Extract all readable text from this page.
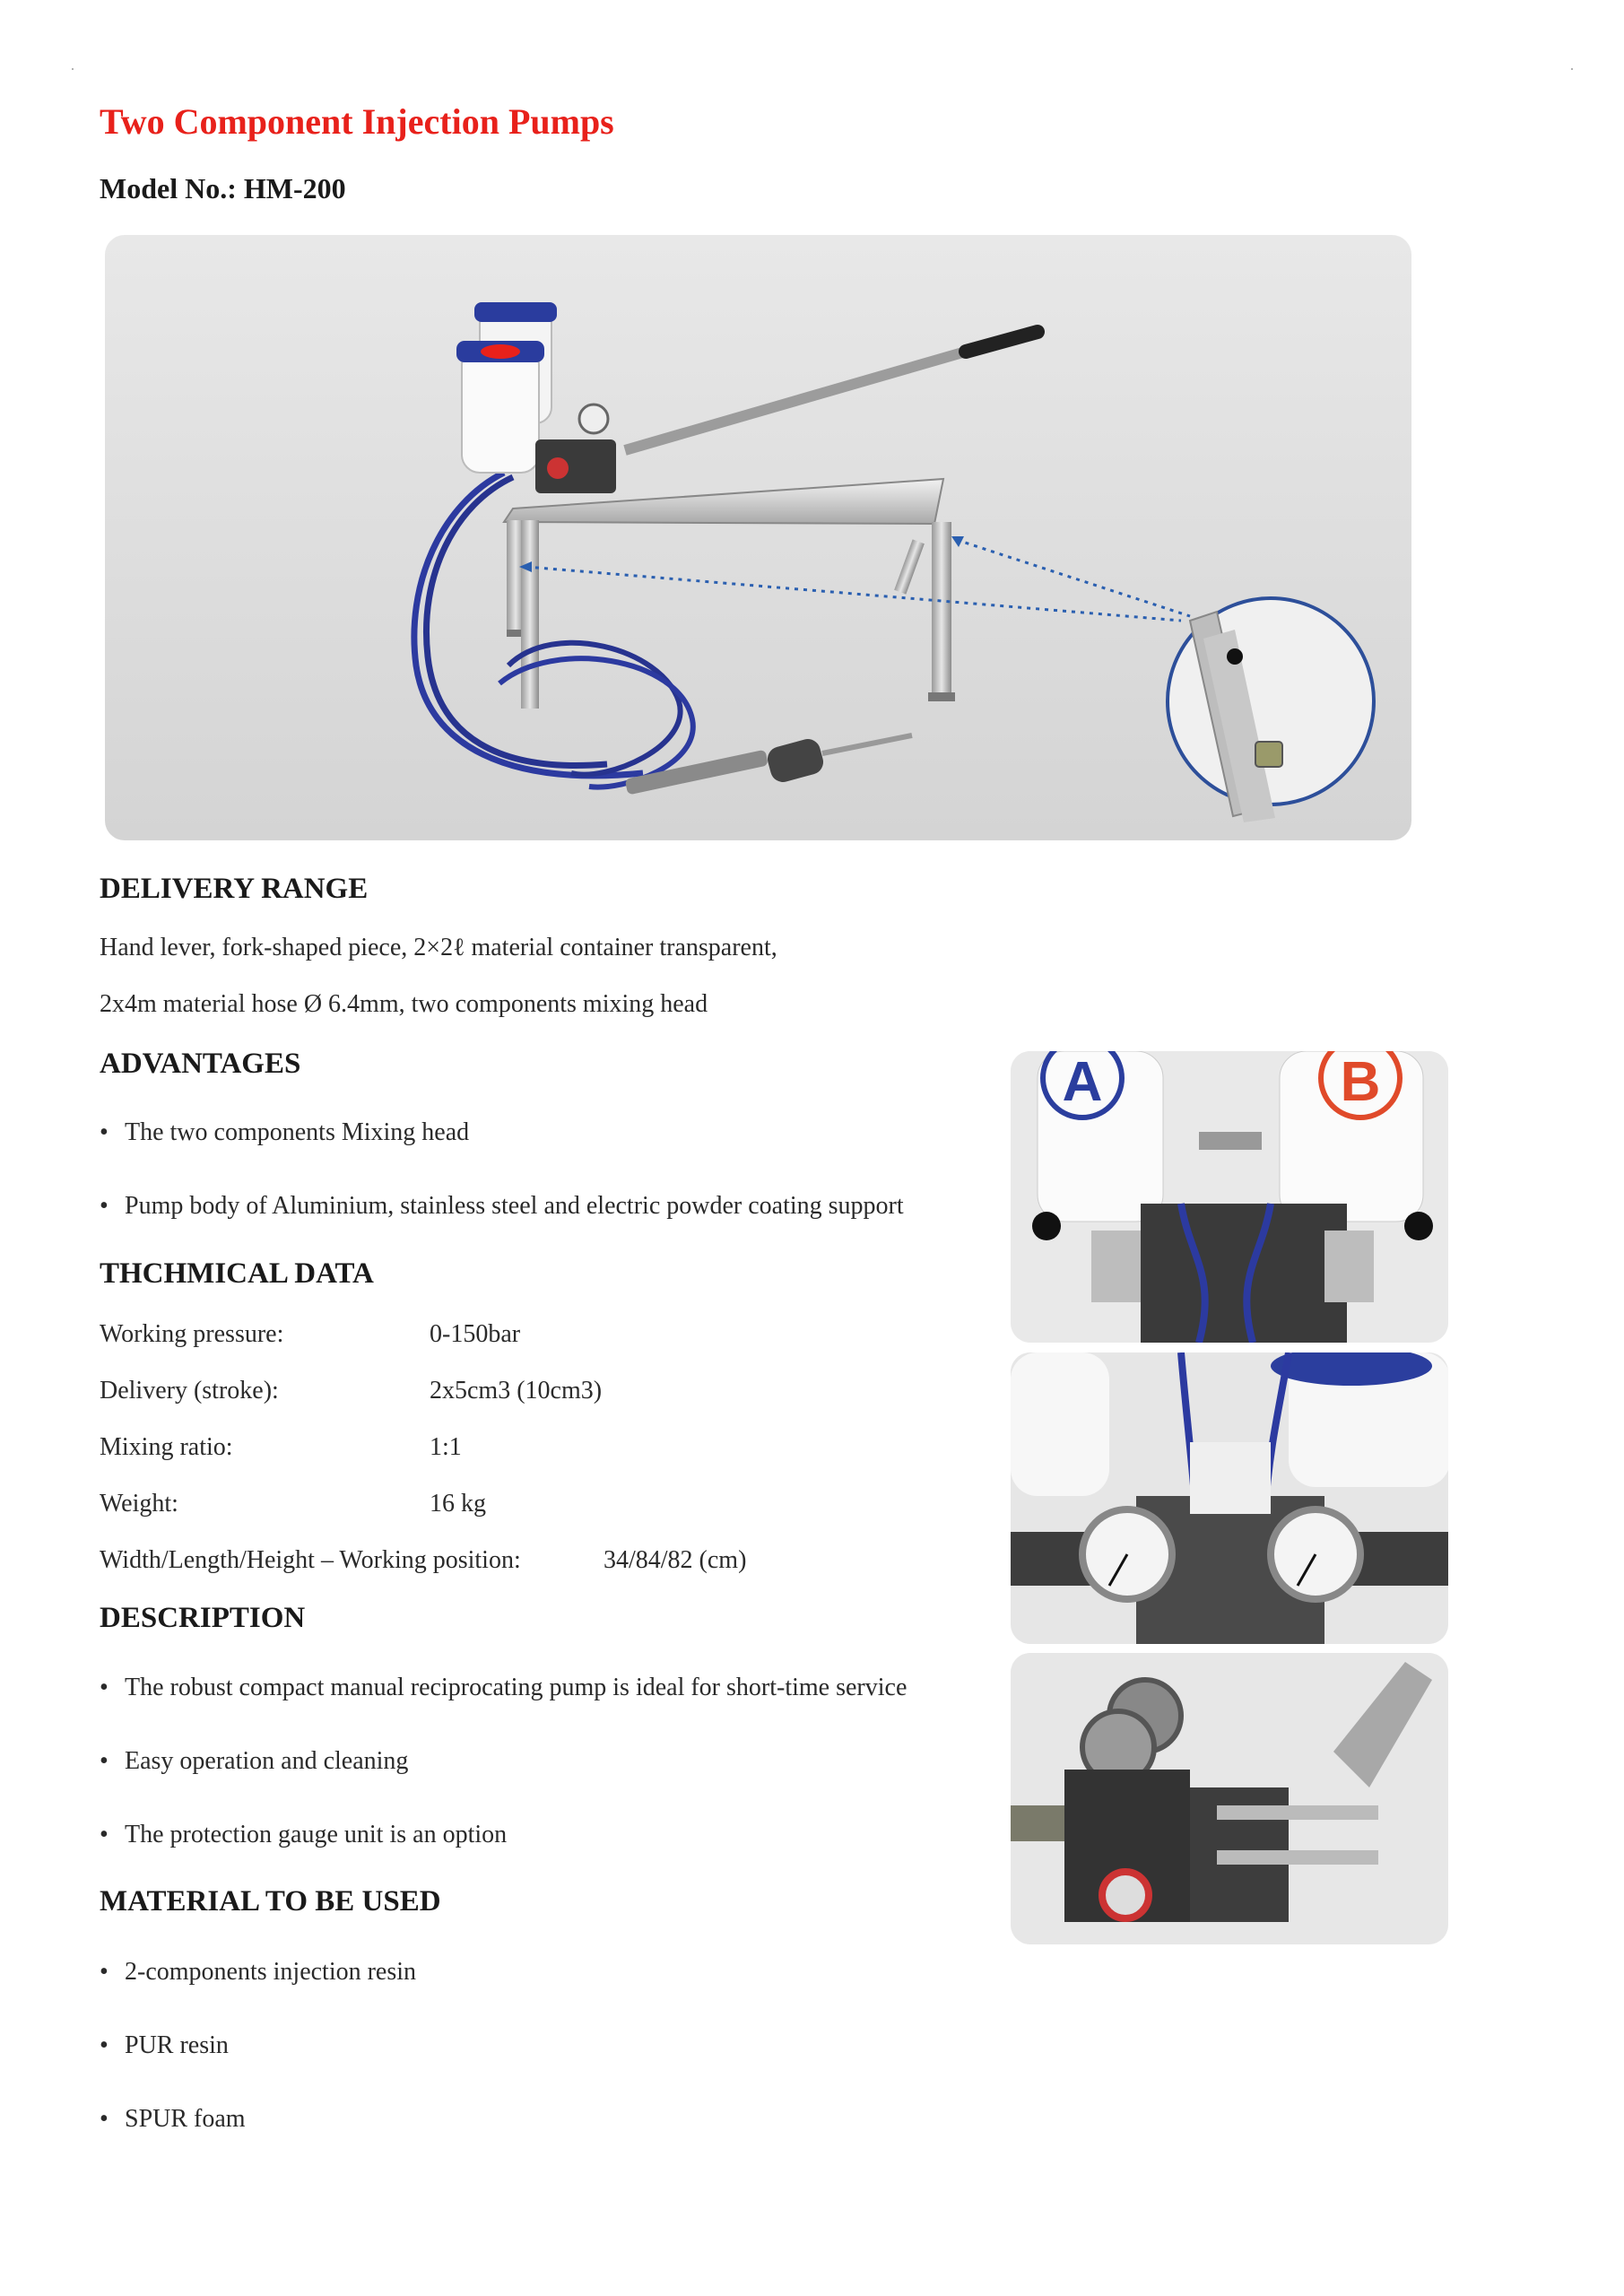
Two Component Injection Pumps
Model No.: HM-200
DELIVERY RANGE
Hand lever, fork-shaped piece, 2×2ℓ material container transparent,
2x4m material hose Ø 6.4mm, two components mixing head
ADVANTAGES
• The two components Mixing head
• Pump body of Aluminium, stainless steel and electric powder coating support
THCHMICAL DATA
Working pressure:	0-150bar
Delivery (stroke):	2x5cm3 (10cm3)
Mixing ratio:	1:1
Weight:	16 kg
Width/Length/Height – Working position:	34/84/82 (cm)
DESCRIPTION
• The robust compact manual reciprocating pump is ideal for short-time service
• Easy operation and cleaning
• The protection gauge unit is an option
MATERIAL TO BE USED
• 2-components injection resin
• PUR resin
• SPUR foam
A	B
